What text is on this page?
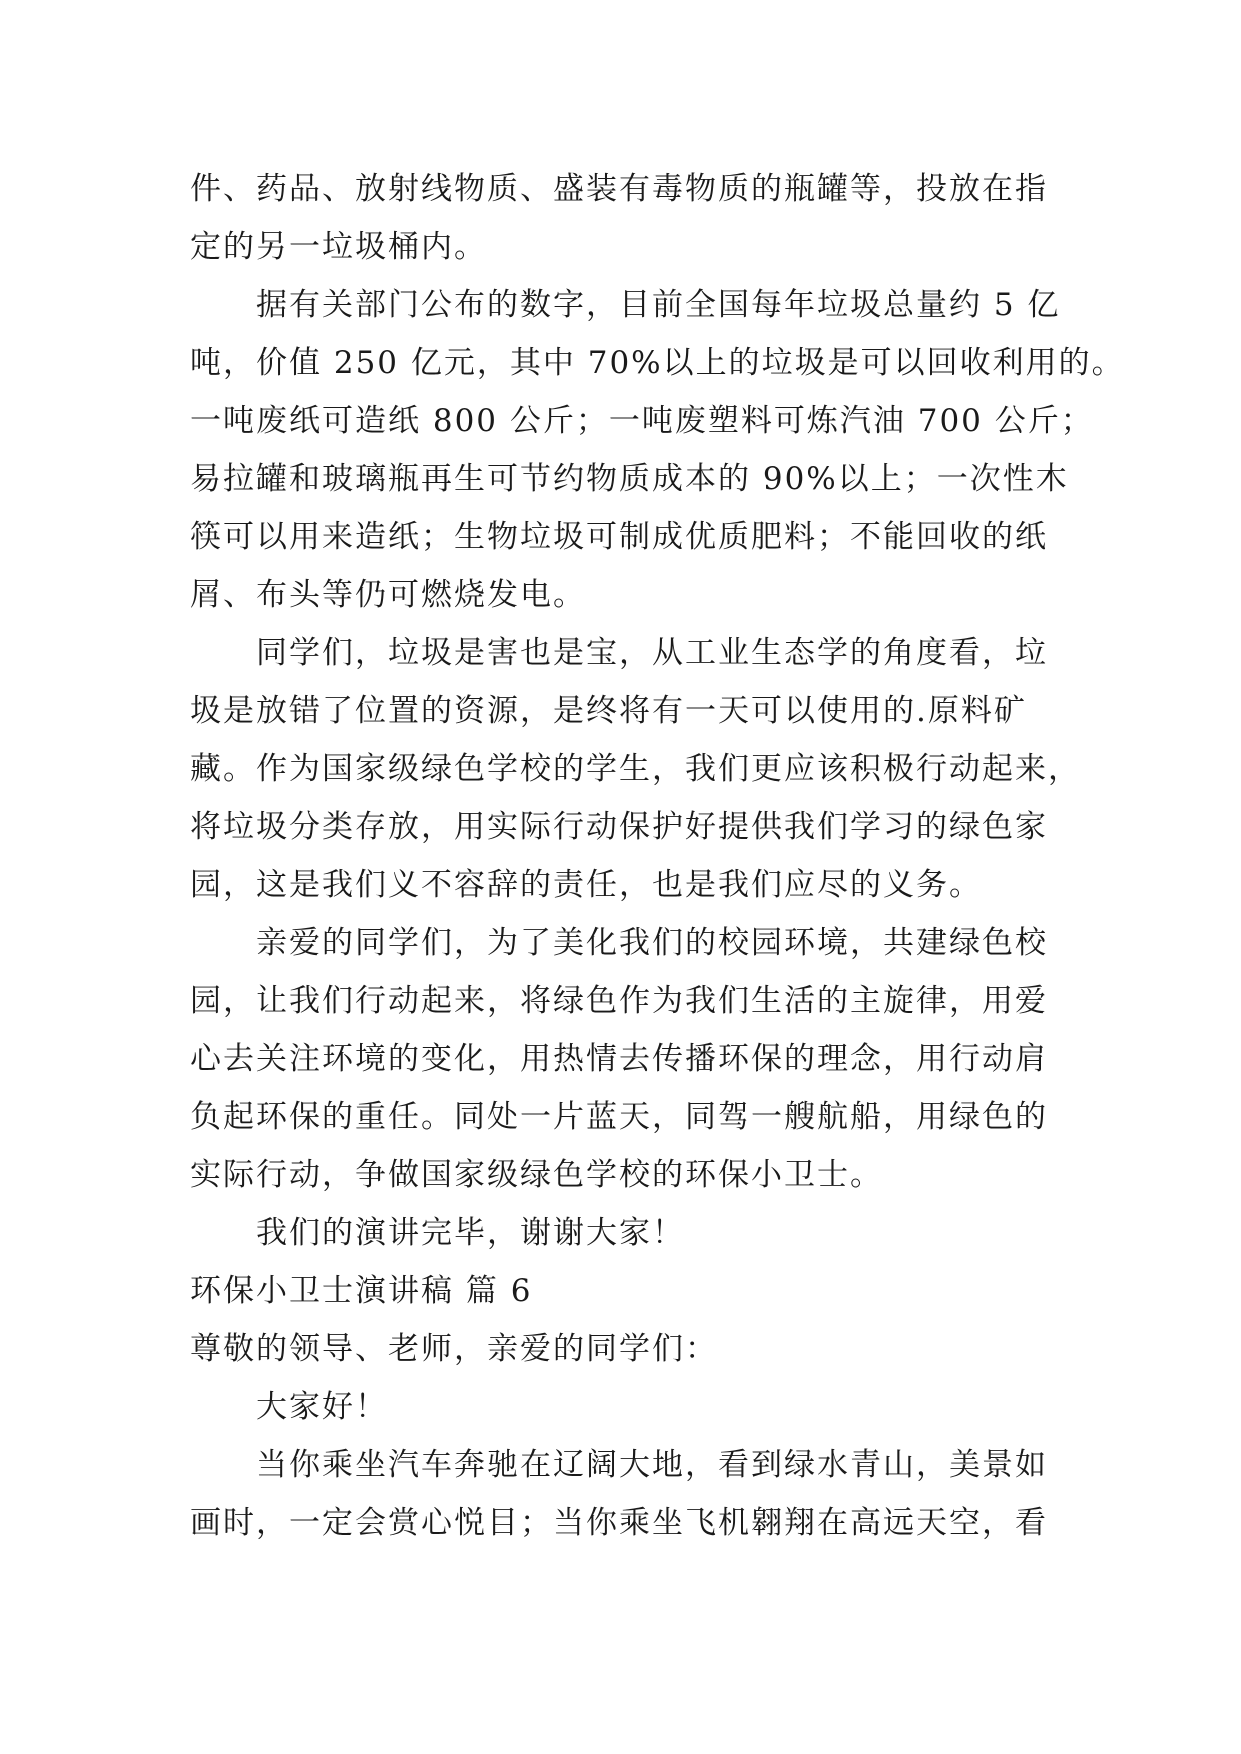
件、药品、放射线物质、盛装有毒物质的瓶罐等，投放在指
定的另一垃圾桶内。
据有关部门公布的数字，目前全国每年垃圾总量约 5 亿
吨，价值 250 亿元，其中 70%以上的垃圾是可以回收利用的。
一吨废纸可造纸 800 公斤；一吨废塑料可炼汽油 700 公斤；
易拉罐和玻璃瓶再生可节约物质成本的 90%以上；一次性木
筷可以用来造纸；生物垃圾可制成优质肥料；不能回收的纸
屑、布头等仍可燃烧发电。
同学们，垃圾是害也是宝，从工业生态学的角度看，垃
圾是放错了位置的资源，是终将有一天可以使用的.原料矿
藏。作为国家级绿色学校的学生，我们更应该积极行动起来，
将垃圾分类存放，用实际行动保护好提供我们学习的绿色家
园，这是我们义不容辞的责任，也是我们应尽的义务。
亲爱的同学们，为了美化我们的校园环境，共建绿色校
园，让我们行动起来，将绿色作为我们生活的主旋律，用爱
心去关注环境的变化，用热情去传播环保的理念，用行动肩
负起环保的重任。同处一片蓝天，同驾一艘航船，用绿色的
实际行动，争做国家级绿色学校的环保小卫士。
我们的演讲完毕，谢谢大家！
环保小卫士演讲稿 篇 6
尊敬的领导、老师，亲爱的同学们：
大家好！
当你乘坐汽车奔驰在辽阔大地，看到绿水青山，美景如
画时，一定会赏心悦目；当你乘坐飞机翱翔在高远天空，看
